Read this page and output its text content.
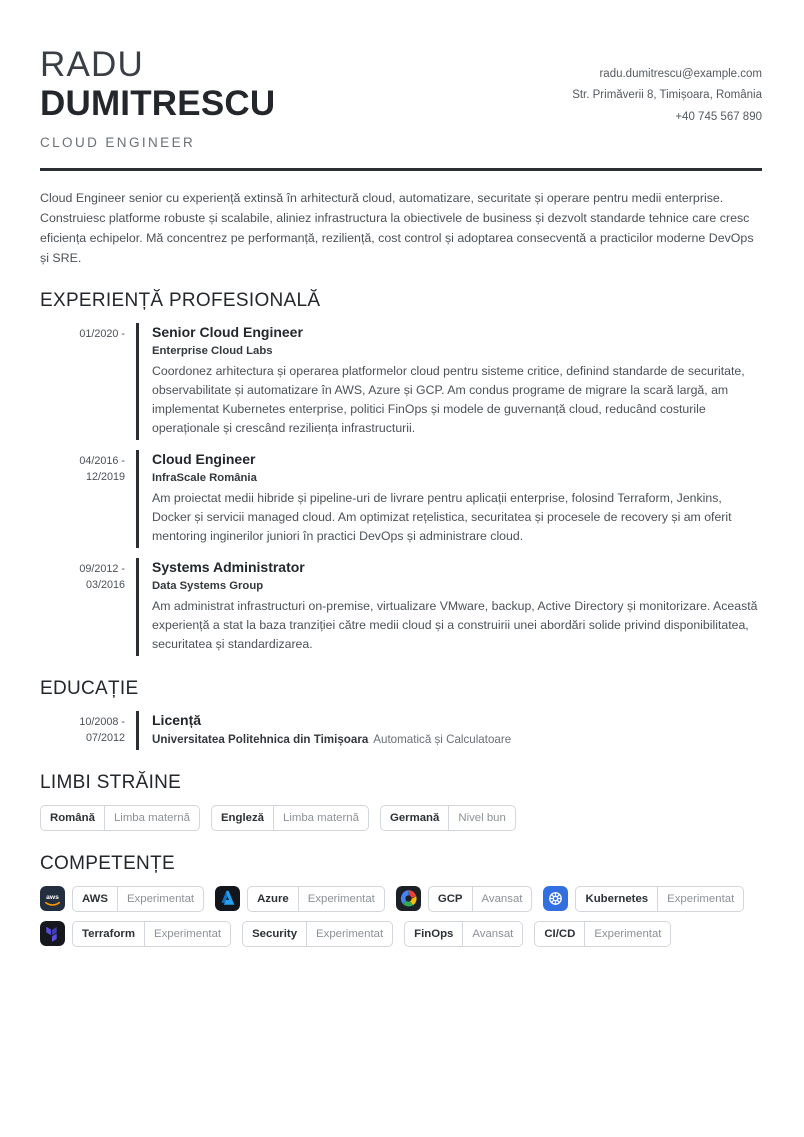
RADU
DUMITRESCU
CLOUD ENGINEER
radu.dumitrescu@example.com
Str. Primăverii 8, Timișoara, România
+40 745 567 890
Cloud Engineer senior cu experiență extinsă în arhitectură cloud, automatizare, securitate și operare pentru medii enterprise. Construiesc platforme robuste și scalabile, aliniez infrastructura la obiectivele de business și dezvolt standarde tehnice care cresc eficiența echipelor. Mă concentrez pe performanță, reziliență, cost control și adoptarea consecventă a practicilor moderne DevOps și SRE.
EXPERIENȚĂ PROFESIONALĂ
01/2020 - Senior Cloud Engineer
Enterprise Cloud Labs
Coordonez arhitectura și operarea platformelor cloud pentru sisteme critice, definind standarde de securitate, observabilitate și automatizare în AWS, Azure și GCP. Am condus programe de migrare la scară largă, am implementat Kubernetes enterprise, politici FinOps și modele de guvernanță cloud, reducând costurile operaționale și crescând reziliența infrastructurii.
04/2016 -
12/2019
Cloud Engineer
InfraScale România
Am proiectat medii hibride și pipeline-uri de livrare pentru aplicații enterprise, folosind Terraform, Jenkins, Docker și servicii managed cloud. Am optimizat rețelistica, securitatea și procesele de recovery și am oferit mentoring inginerilor juniori în practici DevOps și administrare cloud.
09/2012 -
03/2016
Systems Administrator
Data Systems Group
Am administrat infrastructuri on-premise, virtualizare VMware, backup, Active Directory și monitorizare. Această experiență a stat la baza tranziției către medii cloud și a construirii unei abordări solide privind disponibilitatea, securitatea și standardizarea.
EDUCAȚIE
10/2008 -
07/2012
Licență
Universitatea Politehnica din Timișoara Automatică și Calculatoare
LIMBI STRĂINE
Română	Limba maternă	Engleză	Limba maternă	Germană	Nivel bun
COMPETENȚE
aws	AWS	Experimentat	Azure	Experimentat	GCP	Avansat	Kubernetes	Experimentat
Terraform	Experimentat	Security	Experimentat	FinOps	Avansat	CI/CD	Experimentat
